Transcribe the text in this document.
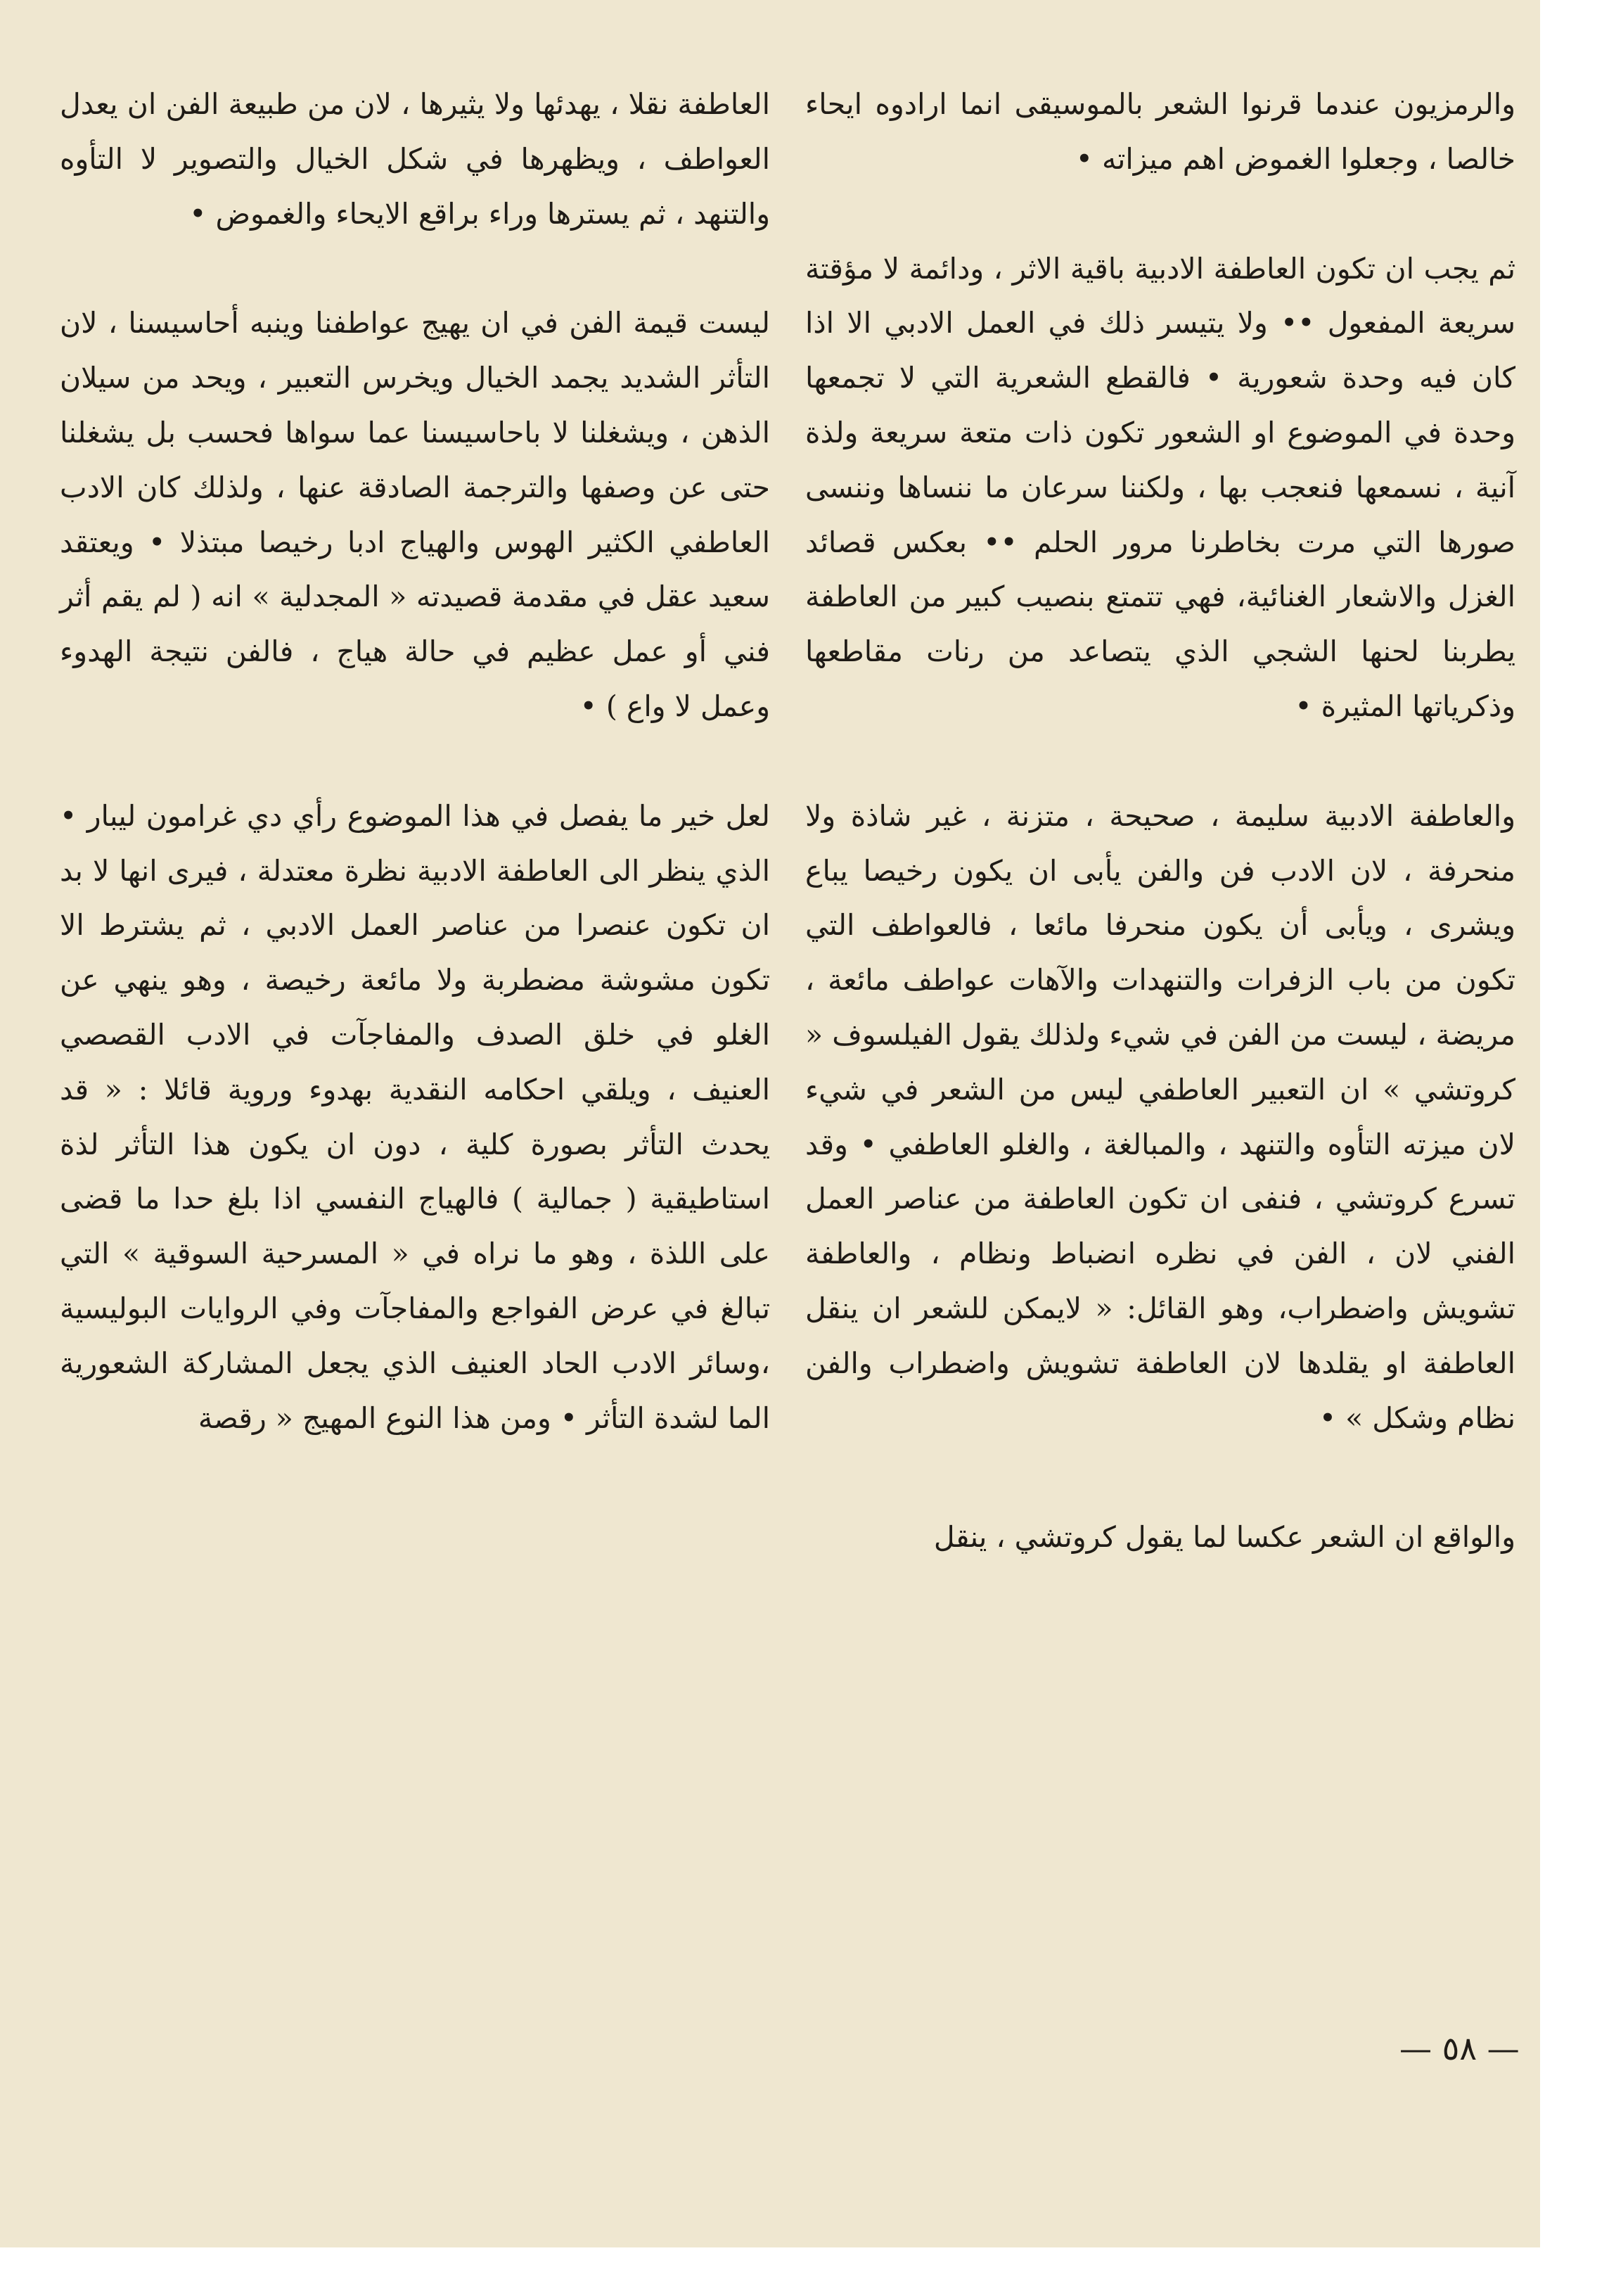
والرمزيون عندما قرنوا الشعر بالموسيقى انما ارادوه ايحاء خالصا ، وجعلوا الغموض اهم ميزاته •

ثم يجب ان تكون العاطفة الادبية باقية الاثر ، ودائمة لا مؤقتة سريعة المفعول •• ولا يتيسر ذلك في العمل الادبي الا اذا كان فيه وحدة شعورية • فالقطع الشعرية التي لا تجمعها وحدة في الموضوع او الشعور تكون ذات متعة سريعة ولذة آنية ، نسمعها فنعجب بها ، ولكننا سرعان ما ننساها وننسى صورها التي مرت بخاطرنا مرور الحلم •• بعكس قصائد الغزل والاشعار الغنائية، فهي تتمتع بنصيب كبير من العاطفة يطربنا لحنها الشجي الذي يتصاعد من رنات مقاطعها وذكرياتها المثيرة •

والعاطفة الادبية سليمة ، صحيحة ، متزنة ، غير شاذة ولا منحرفة ، لان الادب فن والفن يأبى ان يكون رخيصا يباع ويشرى ، ويأبى أن يكون منحرفا مائعا ، فالعواطف التي تكون من باب الزفرات والتنهدات والآهات عواطف مائعة ، مريضة ، ليست من الفن في شيء ولذلك يقول الفيلسوف « كروتشي » ان التعبير العاطفي ليس من الشعر في شيء لان ميزته التأوه والتنهد ، والمبالغة ، والغلو العاطفي • وقد تسرع كروتشي ، فنفى ان تكون العاطفة من عناصر العمل الفني لان ، الفن في نظره انضباط ونظام ، والعاطفة تشويش واضطراب، وهو القائل: « لايمكن للشعر ان ينقل العاطفة او يقلدها لان العاطفة تشويش واضطراب والفن نظام وشكل » •

والواقع ان الشعر عكسا لما يقول كروتشي ، ينقل

العاطفة نقلا ، يهدئها ولا يثيرها ، لان من طبيعة الفن ان يعدل العواطف ، ويظهرها في شكل الخيال والتصوير لا التأوه والتنهد ، ثم يسترها وراء براقع الايحاء والغموض •

ليست قيمة الفن في ان يهيج عواطفنا وينبه أحاسيسنا ، لان التأثر الشديد يجمد الخيال ويخرس التعبير ، ويحد من سيلان الذهن ، ويشغلنا لا باحاسيسنا عما سواها فحسب بل يشغلنا حتى عن وصفها والترجمة الصادقة عنها ، ولذلك كان الادب العاطفي الكثير الهوس والهياج ادبا رخيصا مبتذلا • ويعتقد سعيد عقل في مقدمة قصيدته « المجدلية » انه ( لم يقم أثر فني أو عمل عظيم في حالة هياج ، فالفن نتيجة الهدوء وعمل لا واع ) •

لعل خير ما يفصل في هذا الموضوع رأي دي غرامون ليبار • الذي ينظر الى العاطفة الادبية نظرة معتدلة ، فيرى انها لا بد ان تكون عنصرا من عناصر العمل الادبي ، ثم يشترط الا تكون مشوشة مضطربة ولا مائعة رخيصة ، وهو ينهي عن الغلو في خلق الصدف والمفاجآت في الادب القصصي العنيف ، ويلقي احكامه النقدية بهدوء وروية قائلا : « قد يحدث التأثر بصورة كلية ، دون ان يكون هذا التأثر لذة استاطيقية ( جمالية ) فالهياج النفسي اذا بلغ حدا ما قضى على اللذة ، وهو ما نراه في « المسرحية السوقية » التي تبالغ في عرض الفواجع والمفاجآت وفي الروايات البوليسية ،وسائر الادب الحاد العنيف الذي يجعل المشاركة الشعورية الما لشدة التأثر • ومن هذا النوع المهيج « رقصة

— ٥٨ —
